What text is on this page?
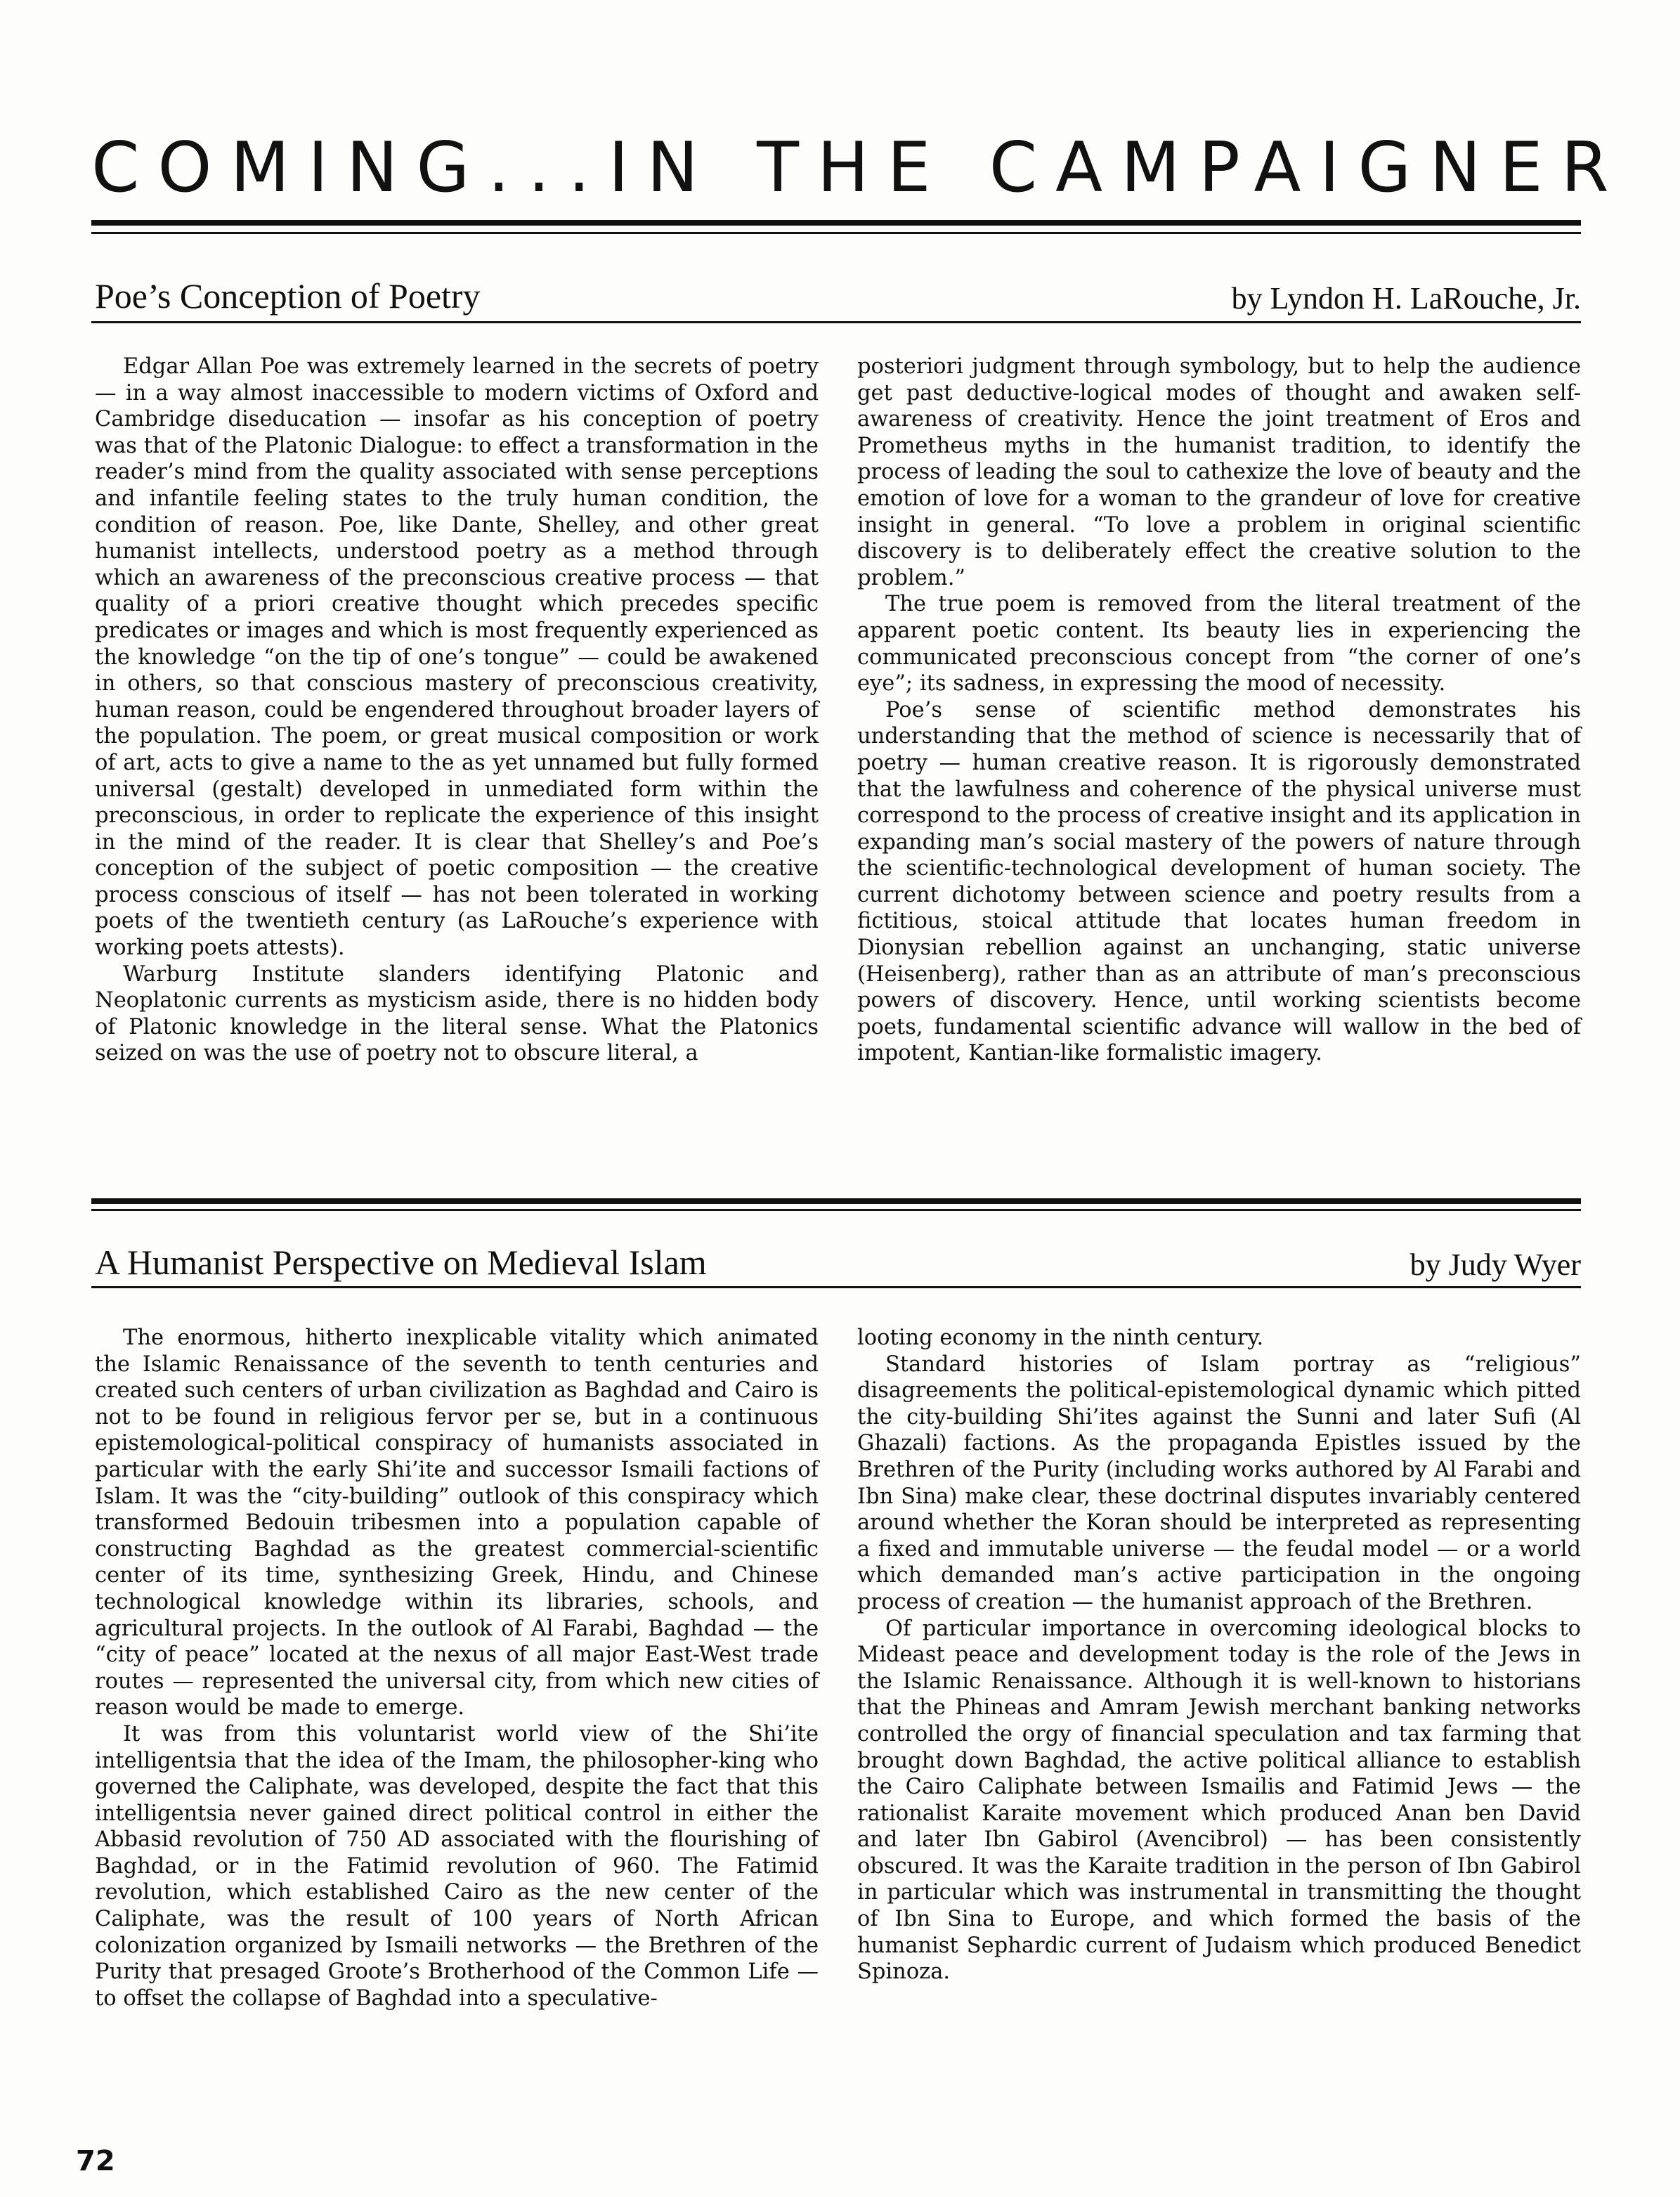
COMING...IN THE CAMPAIGNER
Poe’s Conception of Poetry	by Lyndon H. LaRouche, Jr.

Edgar Allan Poe was extremely learned in the secrets of poetry — in a way almost inaccessible to modern victims of Oxford and Cambridge diseducation — insofar as his conception of poetry was that of the Platonic Dialogue: to effect a transformation in the reader’s mind from the quality associated with sense perceptions and infantile feeling states to the truly human condition, the condition of reason. Poe, like Dante, Shelley, and other great humanist intellects, understood poetry as a method through which an awareness of the preconscious creative process — that quality of a priori creative thought which precedes specific predicates or images and which is most frequently experienced as the knowledge “on the tip of one’s tongue” — could be awakened in others, so that conscious mastery of preconscious creativity, human reason, could be engendered throughout broader layers of the population. The poem, or great musical composition or work of art, acts to give a name to the as yet unnamed but fully formed universal (gestalt) developed in unmediated form within the preconscious, in order to replicate the experience of this insight in the mind of the reader. It is clear that Shelley’s and Poe’s conception of the subject of poetic composition — the creative process conscious of itself — has not been tolerated in working poets of the twentieth century (as LaRouche’s experience with working poets attests).

Warburg Institute slanders identifying Platonic and Neoplatonic currents as mysticism aside, there is no hidden body of Platonic knowledge in the literal sense. What the Platonics seized on was the use of poetry not to obscure literal, a

posteriori judgment through symbology, but to help the audience get past deductive-logical modes of thought and awaken self-awareness of creativity. Hence the joint treatment of Eros and Prometheus myths in the humanist tradition, to identify the process of leading the soul to cathexize the love of beauty and the emotion of love for a woman to the grandeur of love for creative insight in general. “To love a problem in original scientific discovery is to deliberately effect the creative solution to the problem.”

The true poem is removed from the literal treatment of the apparent poetic content. Its beauty lies in experiencing the communicated preconscious concept from “the corner of one’s eye”; its sadness, in expressing the mood of necessity.

Poe’s sense of scientific method demonstrates his understanding that the method of science is necessarily that of poetry — human creative reason. It is rigorously demonstrated that the lawfulness and coherence of the physical universe must correspond to the process of creative insight and its application in expanding man’s social mastery of the powers of nature through the scientific-technological development of human society. The current dichotomy between science and poetry results from a fictitious, stoical attitude that locates human freedom in Dionysian rebellion against an unchanging, static universe (Heisenberg), rather than as an attribute of man’s preconscious powers of discovery. Hence, until working scientists become poets, fundamental scientific advance will wallow in the bed of impotent, Kantian-like formalistic imagery.

A Humanist Perspective on Medieval Islam	by Judy Wyer

The enormous, hitherto inexplicable vitality which animated the Islamic Renaissance of the seventh to tenth centuries and created such centers of urban civilization as Baghdad and Cairo is not to be found in religious fervor per se, but in a continuous epistemological-political conspiracy of humanists associated in particular with the early Shi’ite and successor Ismaili factions of Islam. It was the “city-building” outlook of this conspiracy which transformed Bedouin tribesmen into a population capable of constructing Baghdad as the greatest commercial-scientific center of its time, synthesizing Greek, Hindu, and Chinese technological knowledge within its libraries, schools, and agricultural projects. In the outlook of Al Farabi, Baghdad — the “city of peace” located at the nexus of all major East-West trade routes — represented the universal city, from which new cities of reason would be made to emerge.

It was from this voluntarist world view of the Shi’ite intelligentsia that the idea of the Imam, the philosopher-king who governed the Caliphate, was developed, despite the fact that this intelligentsia never gained direct political control in either the Abbasid revolution of 750 AD associated with the flourishing of Baghdad, or in the Fatimid revolution of 960. The Fatimid revolution, which established Cairo as the new center of the Caliphate, was the result of 100 years of North African colonization organized by Ismaili networks — the Brethren of the Purity that presaged Groote’s Brotherhood of the Common Life — to offset the collapse of Baghdad into a speculative-

looting economy in the ninth century.

Standard histories of Islam portray as “religious” disagreements the political-epistemological dynamic which pitted the city-building Shi’ites against the Sunni and later Sufi (Al Ghazali) factions. As the propaganda Epistles issued by the Brethren of the Purity (including works authored by Al Farabi and Ibn Sina) make clear, these doctrinal disputes invariably centered around whether the Koran should be interpreted as representing a fixed and immutable universe — the feudal model — or a world which demanded man’s active participation in the ongoing process of creation — the humanist approach of the Brethren.

Of particular importance in overcoming ideological blocks to Mideast peace and development today is the role of the Jews in the Islamic Renaissance. Although it is well-known to historians that the Phineas and Amram Jewish merchant banking networks controlled the orgy of financial speculation and tax farming that brought down Baghdad, the active political alliance to establish the Cairo Caliphate between Ismailis and Fatimid Jews — the rationalist Karaite movement which produced Anan ben David and later Ibn Gabirol (Avencibrol) — has been consistently obscured. It was the Karaite tradition in the person of Ibn Gabirol in particular which was instrumental in transmitting the thought of Ibn Sina to Europe, and which formed the basis of the humanist Sephardic current of Judaism which produced Benedict Spinoza.

72
